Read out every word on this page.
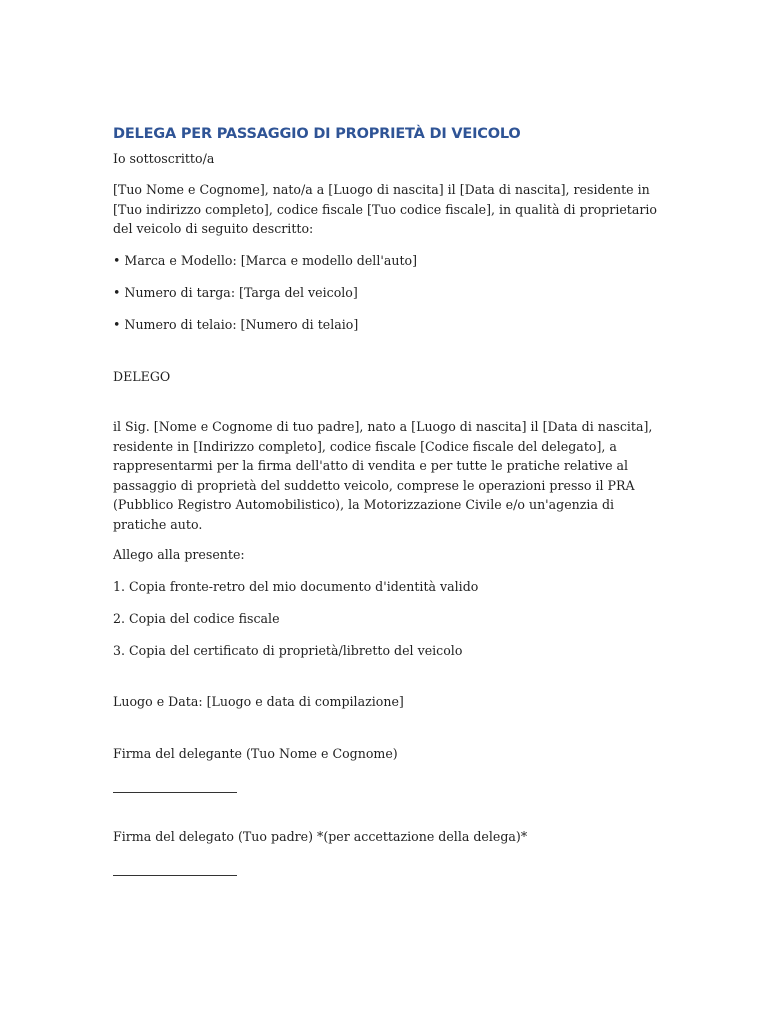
DELEGA PER PASSAGGIO DI PROPRIETÀ DI VEICOLO

Io sottoscritto/a

[Tuo Nome e Cognome], nato/a a [Luogo di nascita] il [Data di nascita], residente in [Tuo indirizzo completo], codice fiscale [Tuo codice fiscale], in qualità di proprietario del veicolo di seguito descritto:

• Marca e Modello: [Marca e modello dell'auto]

• Numero di targa: [Targa del veicolo]

• Numero di telaio: [Numero di telaio]

DELEGO

il Sig. [Nome e Cognome di tuo padre], nato a [Luogo di nascita] il [Data di nascita], residente in [Indirizzo completo], codice fiscale [Codice fiscale del delegato], a rappresentarmi per la firma dell'atto di vendita e per tutte le pratiche relative al passaggio di proprietà del suddetto veicolo, comprese le operazioni presso il PRA (Pubblico Registro Automobilistico), la Motorizzazione Civile e/o un'agenzia di pratiche auto.

Allego alla presente:

1. Copia fronte-retro del mio documento d'identità valido

2. Copia del codice fiscale

3. Copia del certificato di proprietà/libretto del veicolo

Luogo e Data: [Luogo e data di compilazione]

Firma del delegante (Tuo Nome e Cognome)

Firma del delegato (Tuo padre) *(per accettazione della delega)*
